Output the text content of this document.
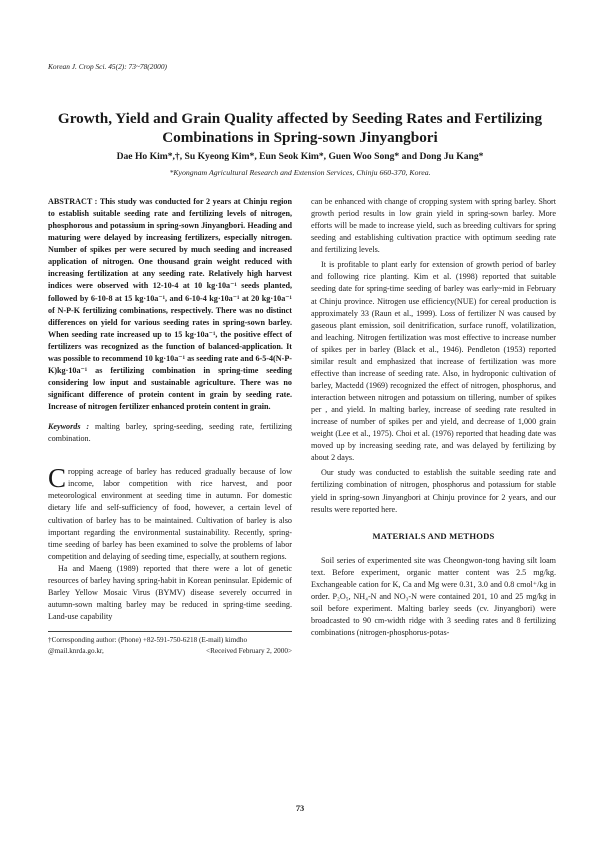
Korean J. Crop Sci. 45(2): 73~78(2000)
Growth, Yield and Grain Quality affected by Seeding Rates and Fertilizing
Combinations in Spring-sown Jinyangbori
Dae Ho Kim*,†, Su Kyeong Kim*, Eun Seok Kim*, Guen Woo Song* and Dong Ju Kang*
*Kyongnam Agricultural Research and Extension Services, Chinju 660-370, Korea.

ABSTRACT : This study was conducted for 2 years at Chinju region to establish suitable seeding rate and fertilizing levels of nitrogen, phosphorous and potassium in spring-sown Jinyangbori. Heading and maturing were delayed by increasing fertilizers, especially nitrogen. Number of spikes per were secured by much seeding and increased application of nitrogen. One thousand grain weight reduced with increasing fertilization at any seeding rate. Relatively high harvest indices were observed with 12-10-4 at 10 kg·10a⁻¹ seeds planted, followed by 6-10-8 at 15 kg·10a⁻¹, and 6-10-4 kg·10a⁻¹ at 20 kg·10a⁻¹ of N-P-K fertilizing combinations, respectively. There was no distinct differences on yield for various seeding rates in spring-sown barley. When seeding rate increased up to 15 kg·10a⁻¹, the positive effect of fertilizers was recognized as the function of balanced-application. It was possible to recommend 10 kg·10a⁻¹ as seeding rate and 6-5-4(N-P-K)kg·10a⁻¹ as fertilizing combination in spring-time seeding considering low input and sustainable agriculture. There was no significant difference of protein content in grain by seeding rate. Increase of nitrogen fertilizer enhanced protein content in grain.

Keywords : malting barley, spring-seeding, seeding rate, fertilizing combination.

Cropping acreage of barley has reduced gradually because of low income, labor competition with rice harvest, and poor meteorological environment at seeding time in autumn. For domestic dietary life and self-sufficiency of food, however, a certain level of cultivation of barley has to be maintained. Cultivation of barley is also important regarding the environmental sustainability. Recently, spring-time seeding of barley has been examined to solve the problems of labor competition and delaying of seeding time, especially, at southern regions.

Ha and Maeng (1989) reported that there were a lot of genetic resources of barley having spring-habit in Korean peninsular. Epidemic of Barley Yellow Mosaic Virus (BYMV) disease severely occurred in autumn-sown malting barley may be reduced in spring-time seeding. Land-use capability

†Corresponding author: (Phone) +82-591-750-6218 (E-mail) kimdho
@mail.knrda.go.kr,	<Received February 2, 2000>

can be enhanced with change of cropping system with spring barley. Short growth period results in low grain yield in spring-sown barley. More efforts will be made to increase yield, such as breeding cultivars for spring seeding and establishing cultivation practice with optimum seeding rate and fertilizing levels.

It is profitable to plant early for extension of growth period of barley and following rice planting. Kim et al. (1998) reported that suitable seeding date for spring-time seeding of barley was early~mid in February at Chinju province. Nitrogen use efficiency(NUE) for cereal production is approximately 33 (Raun et al., 1999). Loss of fertilizer N was caused by gaseous plant emission, soil denitrification, surface runoff, volatilization, and leaching. Nitrogen fertilization was most effective to increase number of spikes per in barley (Black et al., 1946). Pendleton (1953) reported similar result and emphasized that increase of fertilization was more effective than increase of seeding rate. Also, in hydroponic cultivation of barley, Mactedd (1969) recognized the effect of nitrogen, phosphorus, and interaction between nitrogen and potassium on tillering, number of spikes per , and yield. In malting barley, increase of seeding rate resulted in increase of number of spikes per and yield, and decrease of 1,000 grain weight (Lee et al., 1975). Choi et al. (1976) reported that heading date was moved up by increasing seeding rate, and was delayed by fertilizing by about 2 days.

Our study was conducted to establish the suitable seeding rate and fertilizing combination of nitrogen, phosphorus and potassium for stable yield in spring-sown Jinyangbori at Chinju province for 2 years, and our results were reported here.

MATERIALS AND METHODS

Soil series of experimented site was Cheongwon-tong having silt loam text. Before experiment, organic matter content was 2.5 mg/kg. Exchangeable cation for K, Ca and Mg were 0.31, 3.0 and 0.8 cmol⁺/kg in order. P₂O₅, NH₄-N and NO₃-N were contained 201, 10 and 25 mg/kg in soil before experiment. Malting barley seeds (cv. Jinyangbori) were broadcasted to 90 cm-width ridge with 3 seeding rates and 8 fertilizing combinations (nitrogen-phosphorus-potas-

73
